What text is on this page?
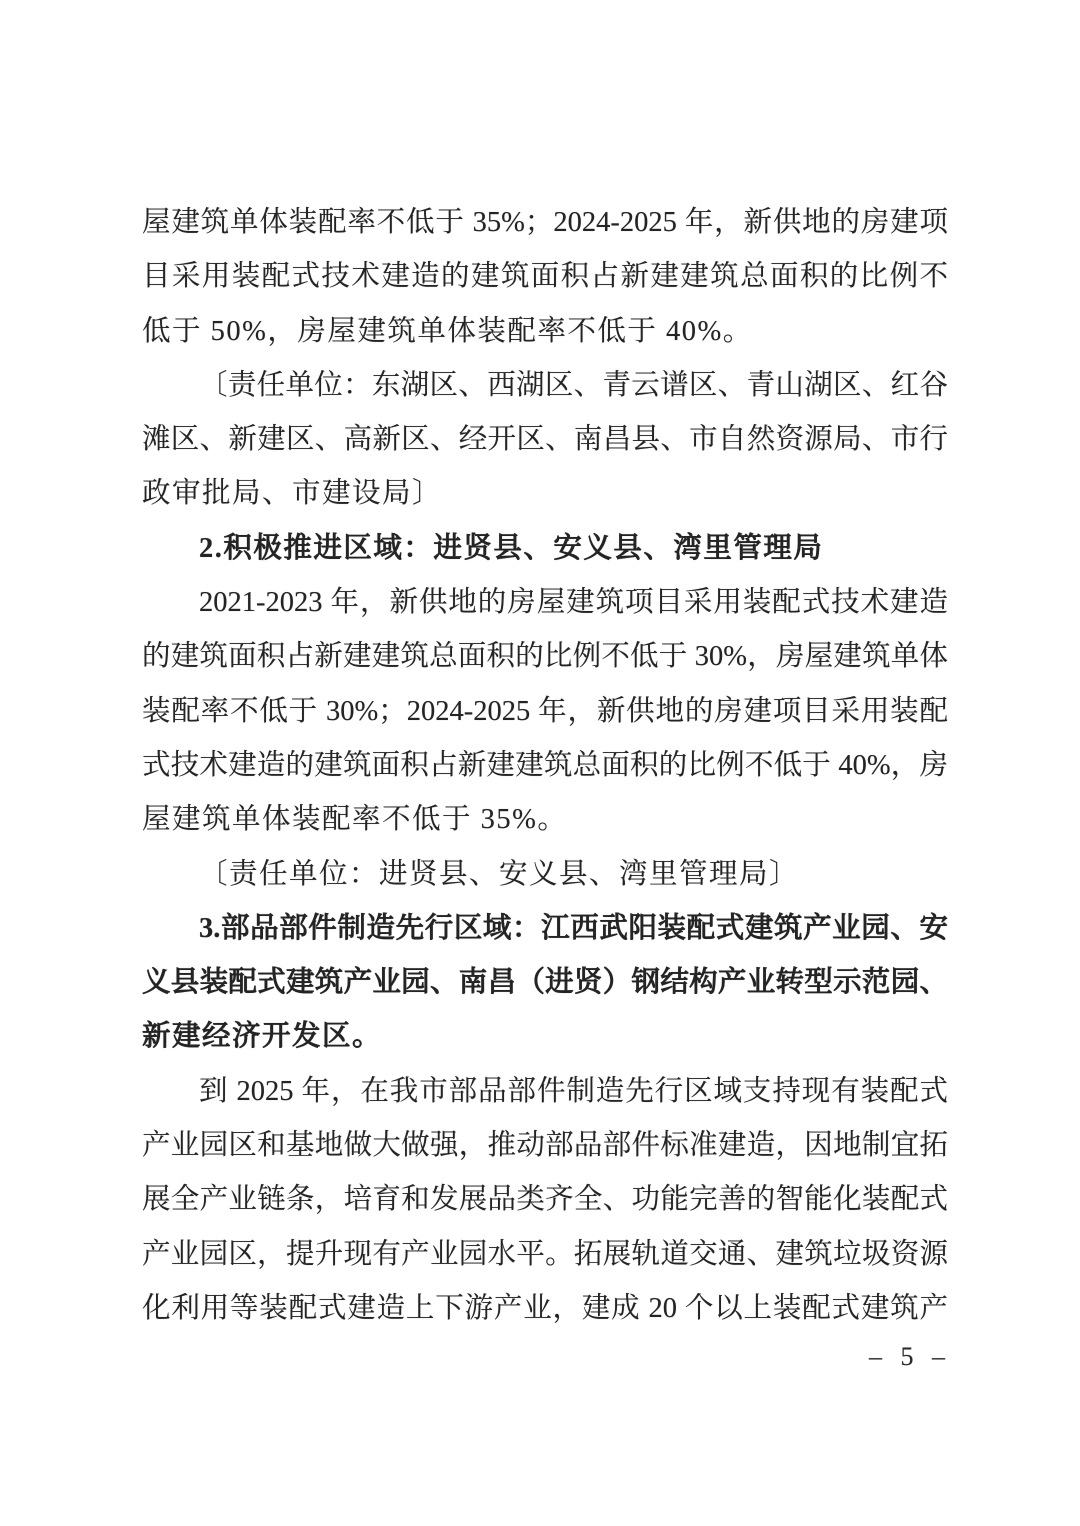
屋建筑单体装配率不低于 35%；2024-2025 年，新供地的房建项
目采用装配式技术建造的建筑面积占新建建筑总面积的比例不
低于 50%，房屋建筑单体装配率不低于 40%。
〔责任单位：东湖区、西湖区、青云谱区、青山湖区、红谷
滩区、新建区、高新区、经开区、南昌县、市自然资源局、市行
政审批局、市建设局〕
2.积极推进区域：进贤县、安义县、湾里管理局
2021-2023 年，新供地的房屋建筑项目采用装配式技术建造
的建筑面积占新建建筑总面积的比例不低于 30%，房屋建筑单体
装配率不低于 30%；2024-2025 年，新供地的房建项目采用装配
式技术建造的建筑面积占新建建筑总面积的比例不低于 40%，房
屋建筑单体装配率不低于 35%。
〔责任单位：进贤县、安义县、湾里管理局〕
3.部品部件制造先行区域：江西武阳装配式建筑产业园、安
义县装配式建筑产业园、南昌（进贤）钢结构产业转型示范园、
新建经济开发区。
到 2025 年，在我市部品部件制造先行区域支持现有装配式
产业园区和基地做大做强，推动部品部件标准建造，因地制宜拓
展全产业链条，培育和发展品类齐全、功能完善的智能化装配式
产业园区，提升现有产业园水平。拓展轨道交通、建筑垃圾资源
化利用等装配式建造上下游产业，建成 20 个以上装配式建筑产
– 5 –
